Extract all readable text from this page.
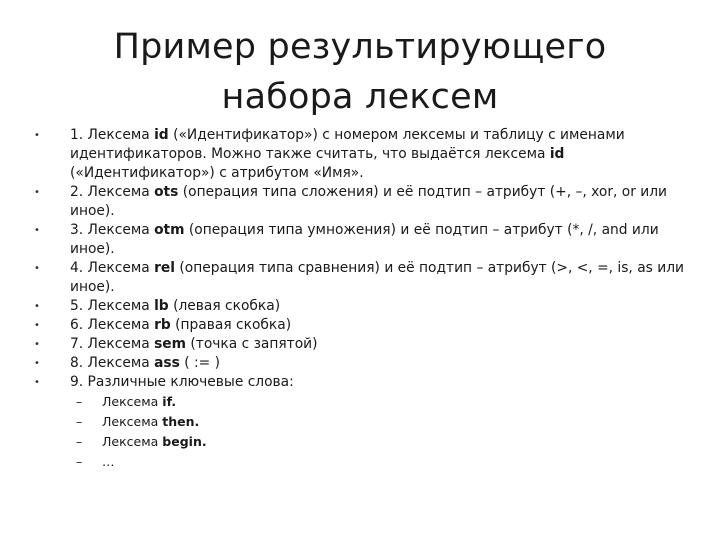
Пример результирующего
набора лексем
• 1. Лексема id («Идентификатор») с номером лексемы и таблицу с именами идентификаторов. Можно также считать, что выдаётся лексема id («Идентификатор») с атрибутом «Имя».
• 2. Лексема ots (операция типа сложения) и её подтип – атрибут (+, –, xor, or или иное).
• 3. Лексема otm (операция типа умножения) и её подтип – атрибут (*, /, and или иное).
• 4. Лексема rel (операция типа сравнения) и её подтип – атрибут (>, <, =, is, as или иное).
• 5. Лексема lb (левая скобка)
• 6. Лексема rb (правая скобка)
• 7. Лексема sem (точка с запятой)
• 8. Лексема ass ( := )
• 9. Различные ключевые слова:
– Лексема if.
– Лексема then.
– Лексема begin.
– …
